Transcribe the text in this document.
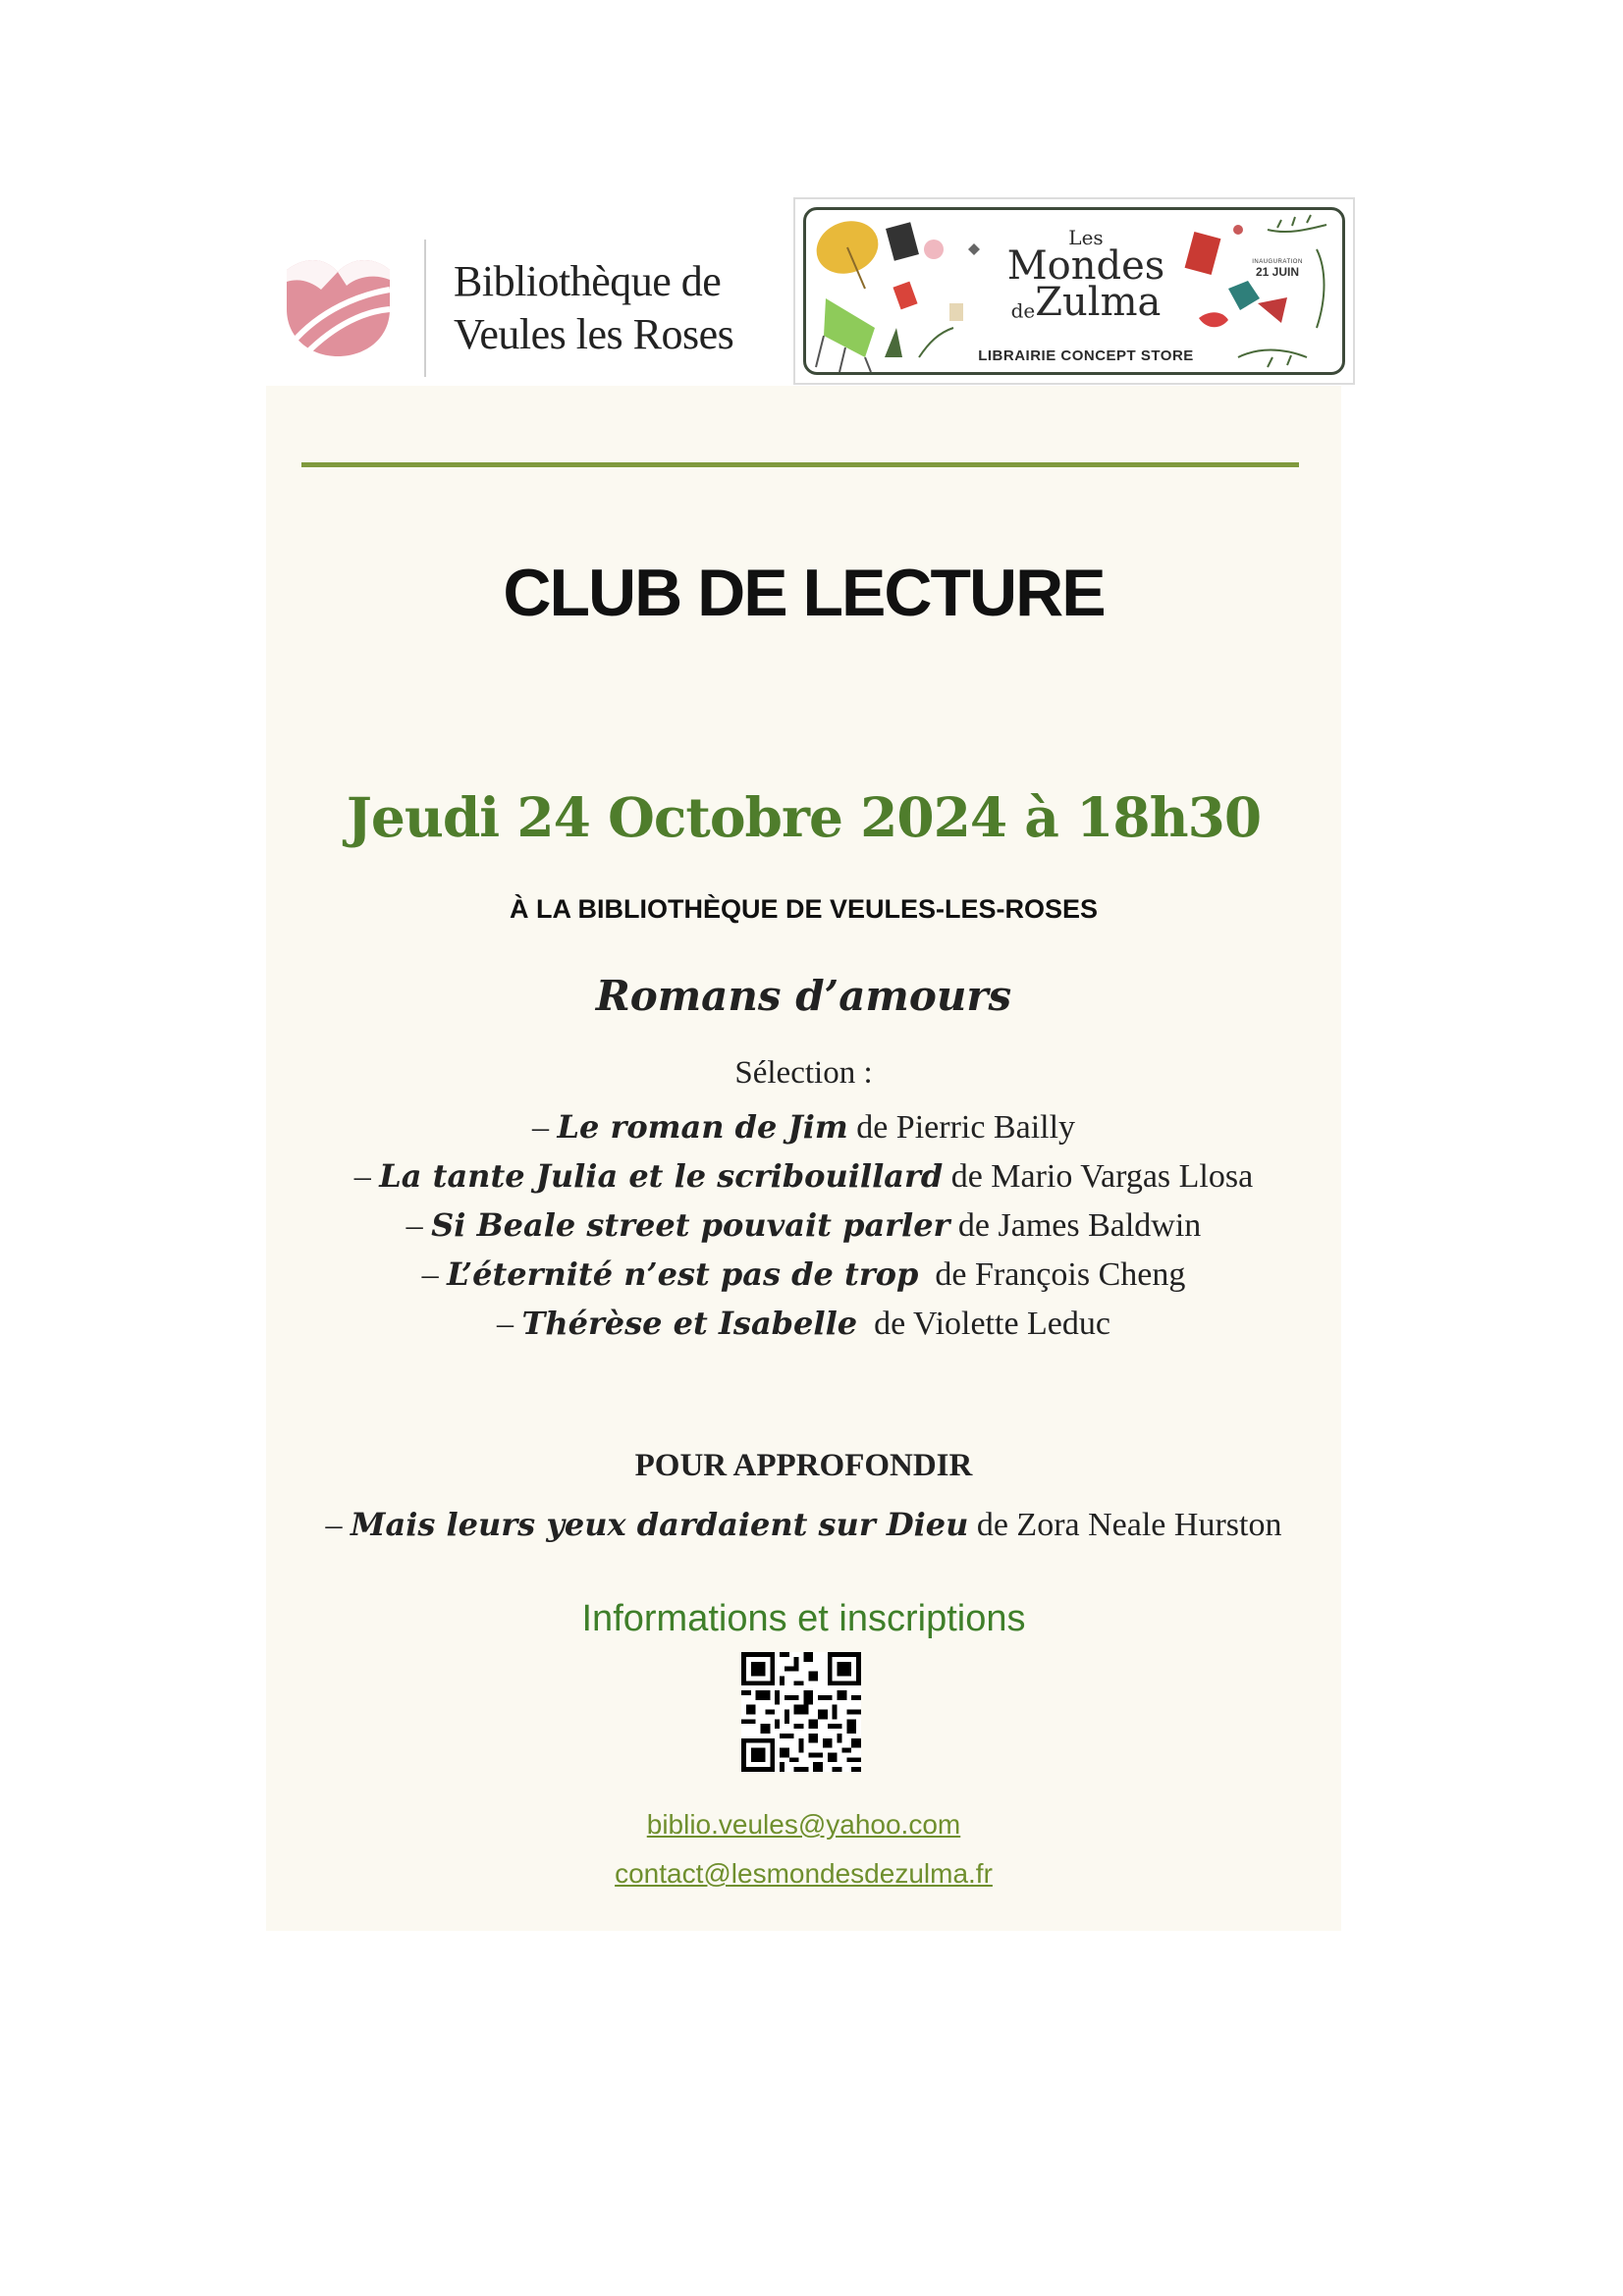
Bibliothèque de
Veules les Roses
Les
Mondes
deZulma
INAUGURATION
21 JUIN
LIBRAIRIE CONCEPT STORE
CLUB DE LECTURE
Jeudi 24 Octobre 2024 à 18h30
À LA BIBLIOTHÈQUE DE VEULES-LES-ROSES
Romans d’amours
Sélection :
– Le roman de Jim de Pierric Bailly
– La tante Julia et le scribouillard de Mario Vargas Llosa
– Si Beale street pouvait parler de James Baldwin
– L’éternité n’est pas de trop  de François Cheng
– Thérèse et Isabelle  de Violette Leduc
POUR APPROFONDIR
– Mais leurs yeux dardaient sur Dieu de Zora Neale Hurston
Informations et inscriptions
biblio.veules@yahoo.com
contact@lesmondesdezulma.fr
